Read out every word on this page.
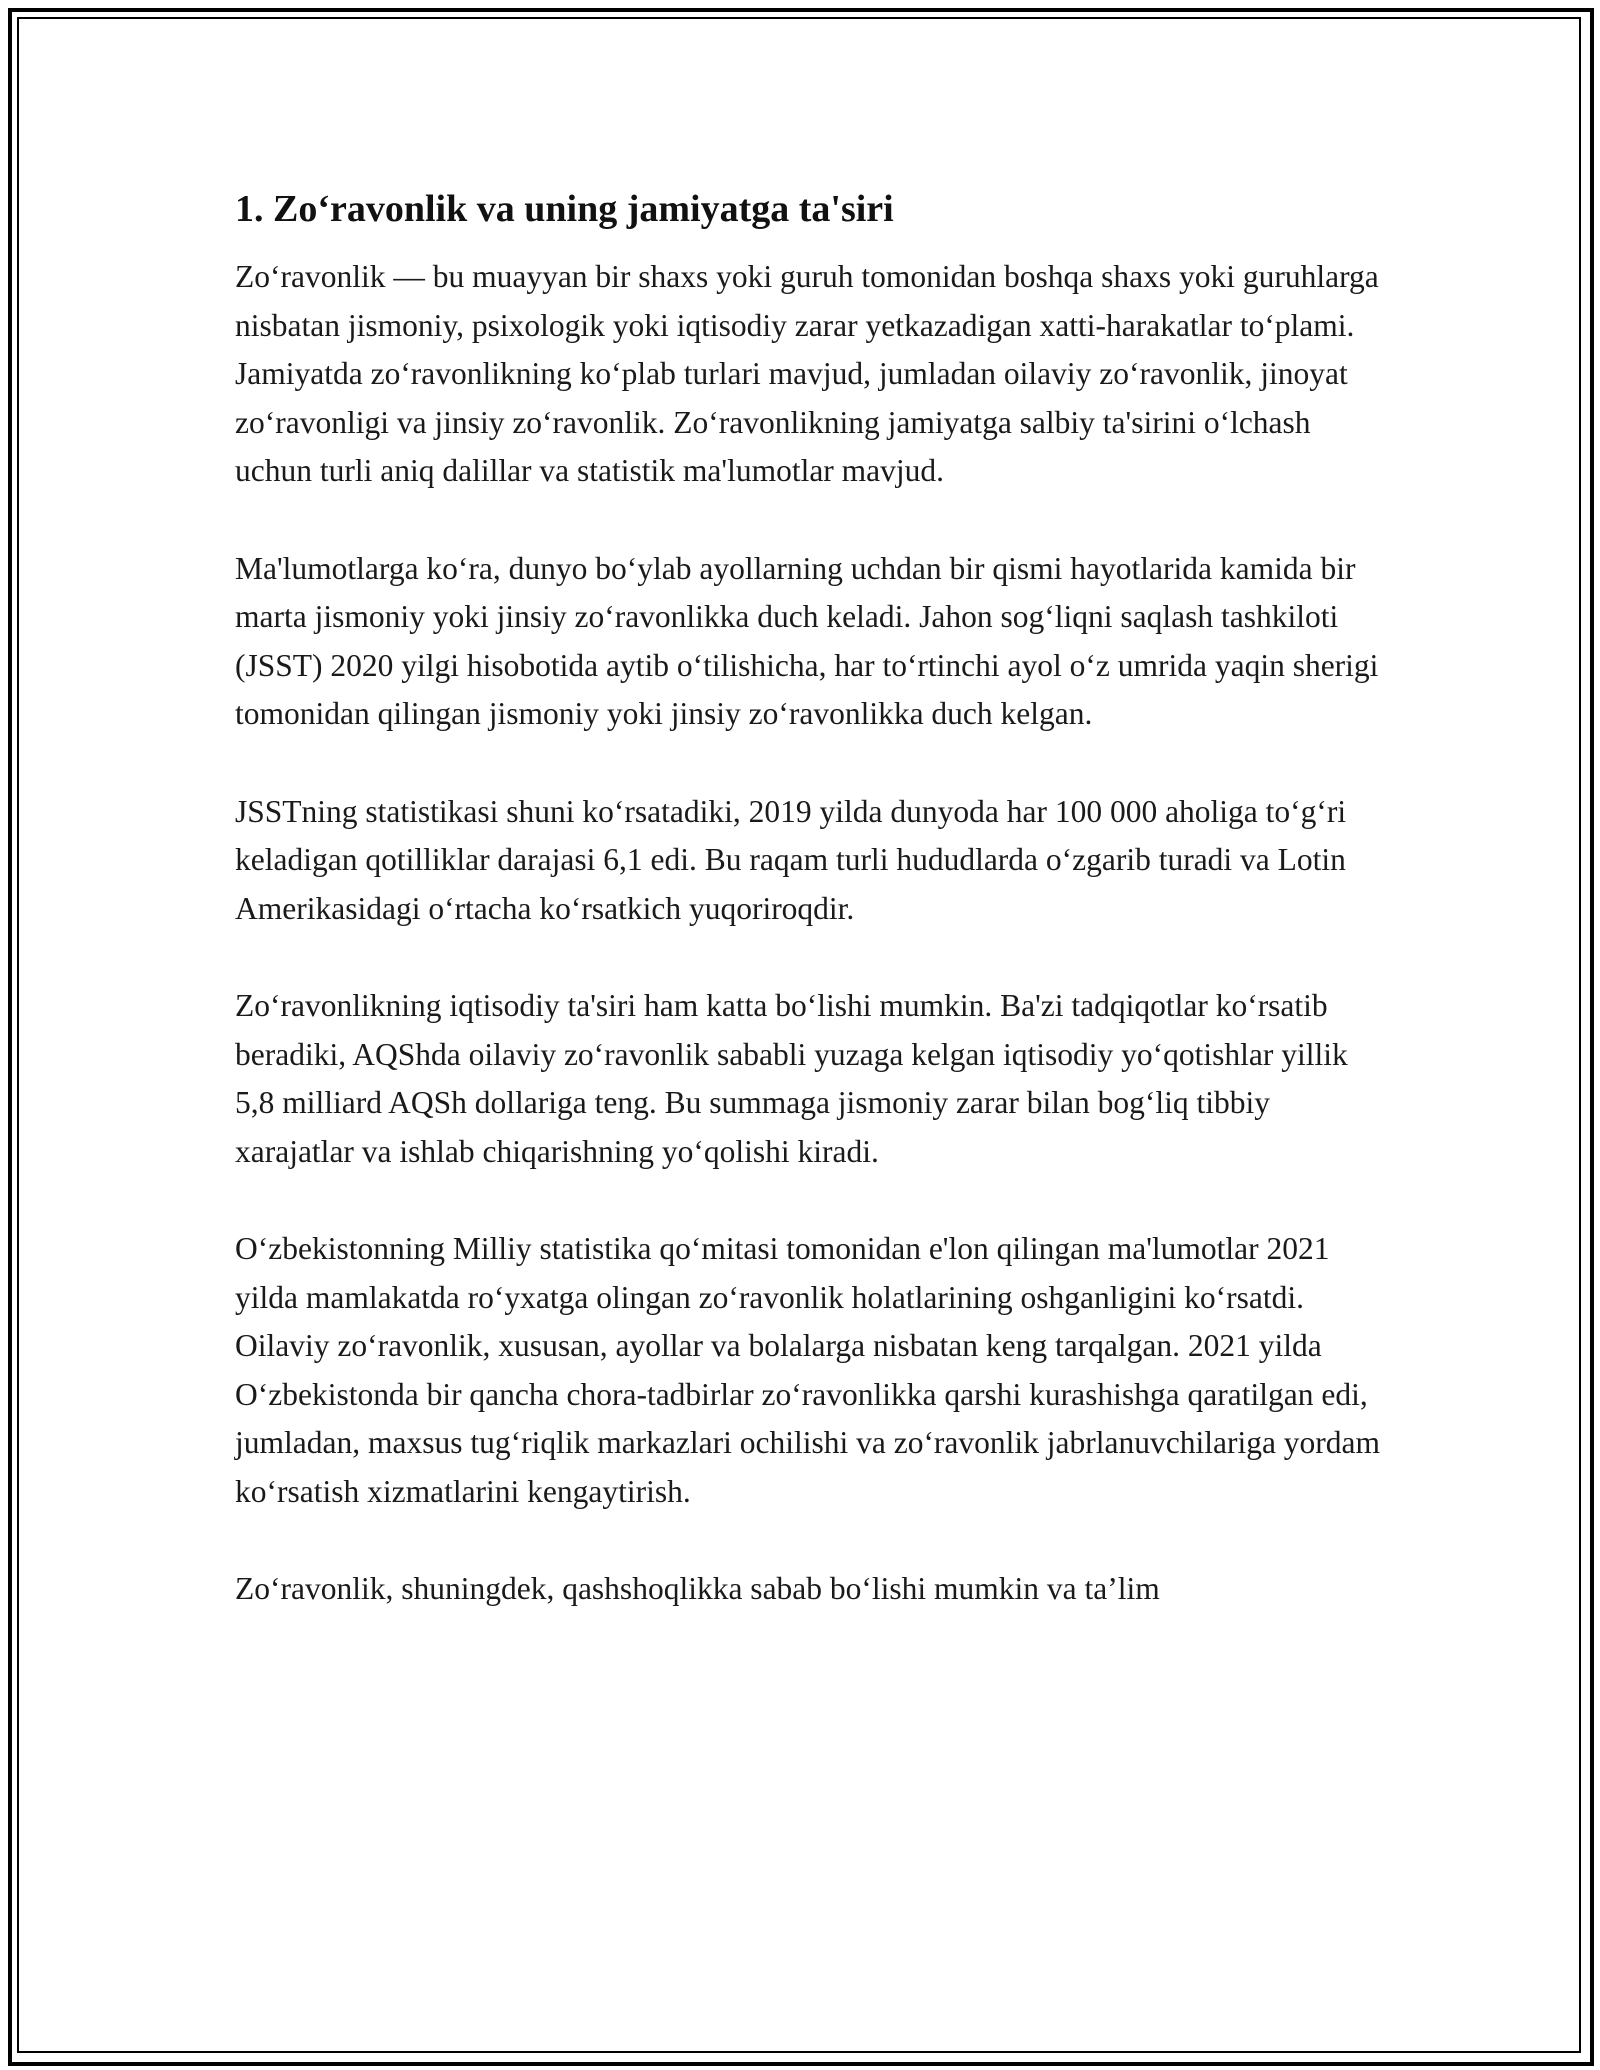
1. Zo‘ravonlik va uning jamiyatga ta'siri

Zo‘ravonlik — bu muayyan bir shaxs yoki guruh tomonidan boshqa shaxs yoki guruhlarga nisbatan jismoniy, psixologik yoki iqtisodiy zarar yetkazadigan xatti-harakatlar to‘plami. Jamiyatda zo‘ravonlikning ko‘plab turlari mavjud, jumladan oilaviy zo‘ravonlik, jinoyat zo‘ravonligi va jinsiy zo‘ravonlik. Zo‘ravonlikning jamiyatga salbiy ta'sirini o‘lchash uchun turli aniq dalillar va statistik ma'lumotlar mavjud.

Ma'lumotlarga ko‘ra, dunyo bo‘ylab ayollarning uchdan bir qismi hayotlarida kamida bir marta jismoniy yoki jinsiy zo‘ravonlikka duch keladi. Jahon sog‘liqni saqlash tashkiloti (JSST) 2020 yilgi hisobotida aytib o‘tilishicha, har to‘rtinchi ayol o‘z umrida yaqin sherigi tomonidan qilingan jismoniy yoki jinsiy zo‘ravonlikka duch kelgan.

JSSTning statistikasi shuni ko‘rsatadiki, 2019 yilda dunyoda har 100 000 aholiga to‘g‘ri keladigan qotilliklar darajasi 6,1 edi. Bu raqam turli hududlarda o‘zgarib turadi va Lotin Amerikasidagi o‘rtacha ko‘rsatkich yuqoriroqdir.

Zo‘ravonlikning iqtisodiy ta'siri ham katta bo‘lishi mumkin. Ba'zi tadqiqotlar ko‘rsatib beradiki, AQShda oilaviy zo‘ravonlik sababli yuzaga kelgan iqtisodiy yo‘qotishlar yillik 5,8 milliard AQSh dollariga teng. Bu summaga jismoniy zarar bilan bog‘liq tibbiy xarajatlar va ishlab chiqarishning yo‘qolishi kiradi.

O‘zbekistonning Milliy statistika qo‘mitasi tomonidan e'lon qilingan ma'lumotlar 2021 yilda mamlakatda ro‘yxatga olingan zo‘ravonlik holatlarining oshganligini ko‘rsatdi. Oilaviy zo‘ravonlik, xususan, ayollar va bolalarga nisbatan keng tarqalgan. 2021 yilda O‘zbekistonda bir qancha chora-tadbirlar zo‘ravonlikka qarshi kurashishga qaratilgan edi, jumladan, maxsus tug‘riqlik markazlari ochilishi va zo‘ravonlik jabrlanuvchilariga yordam ko‘rsatish xizmatlarini kengaytirish.

Zo‘ravonlik, shuningdek, qashshoqlikka sabab bo‘lishi mumkin va ta’lim
